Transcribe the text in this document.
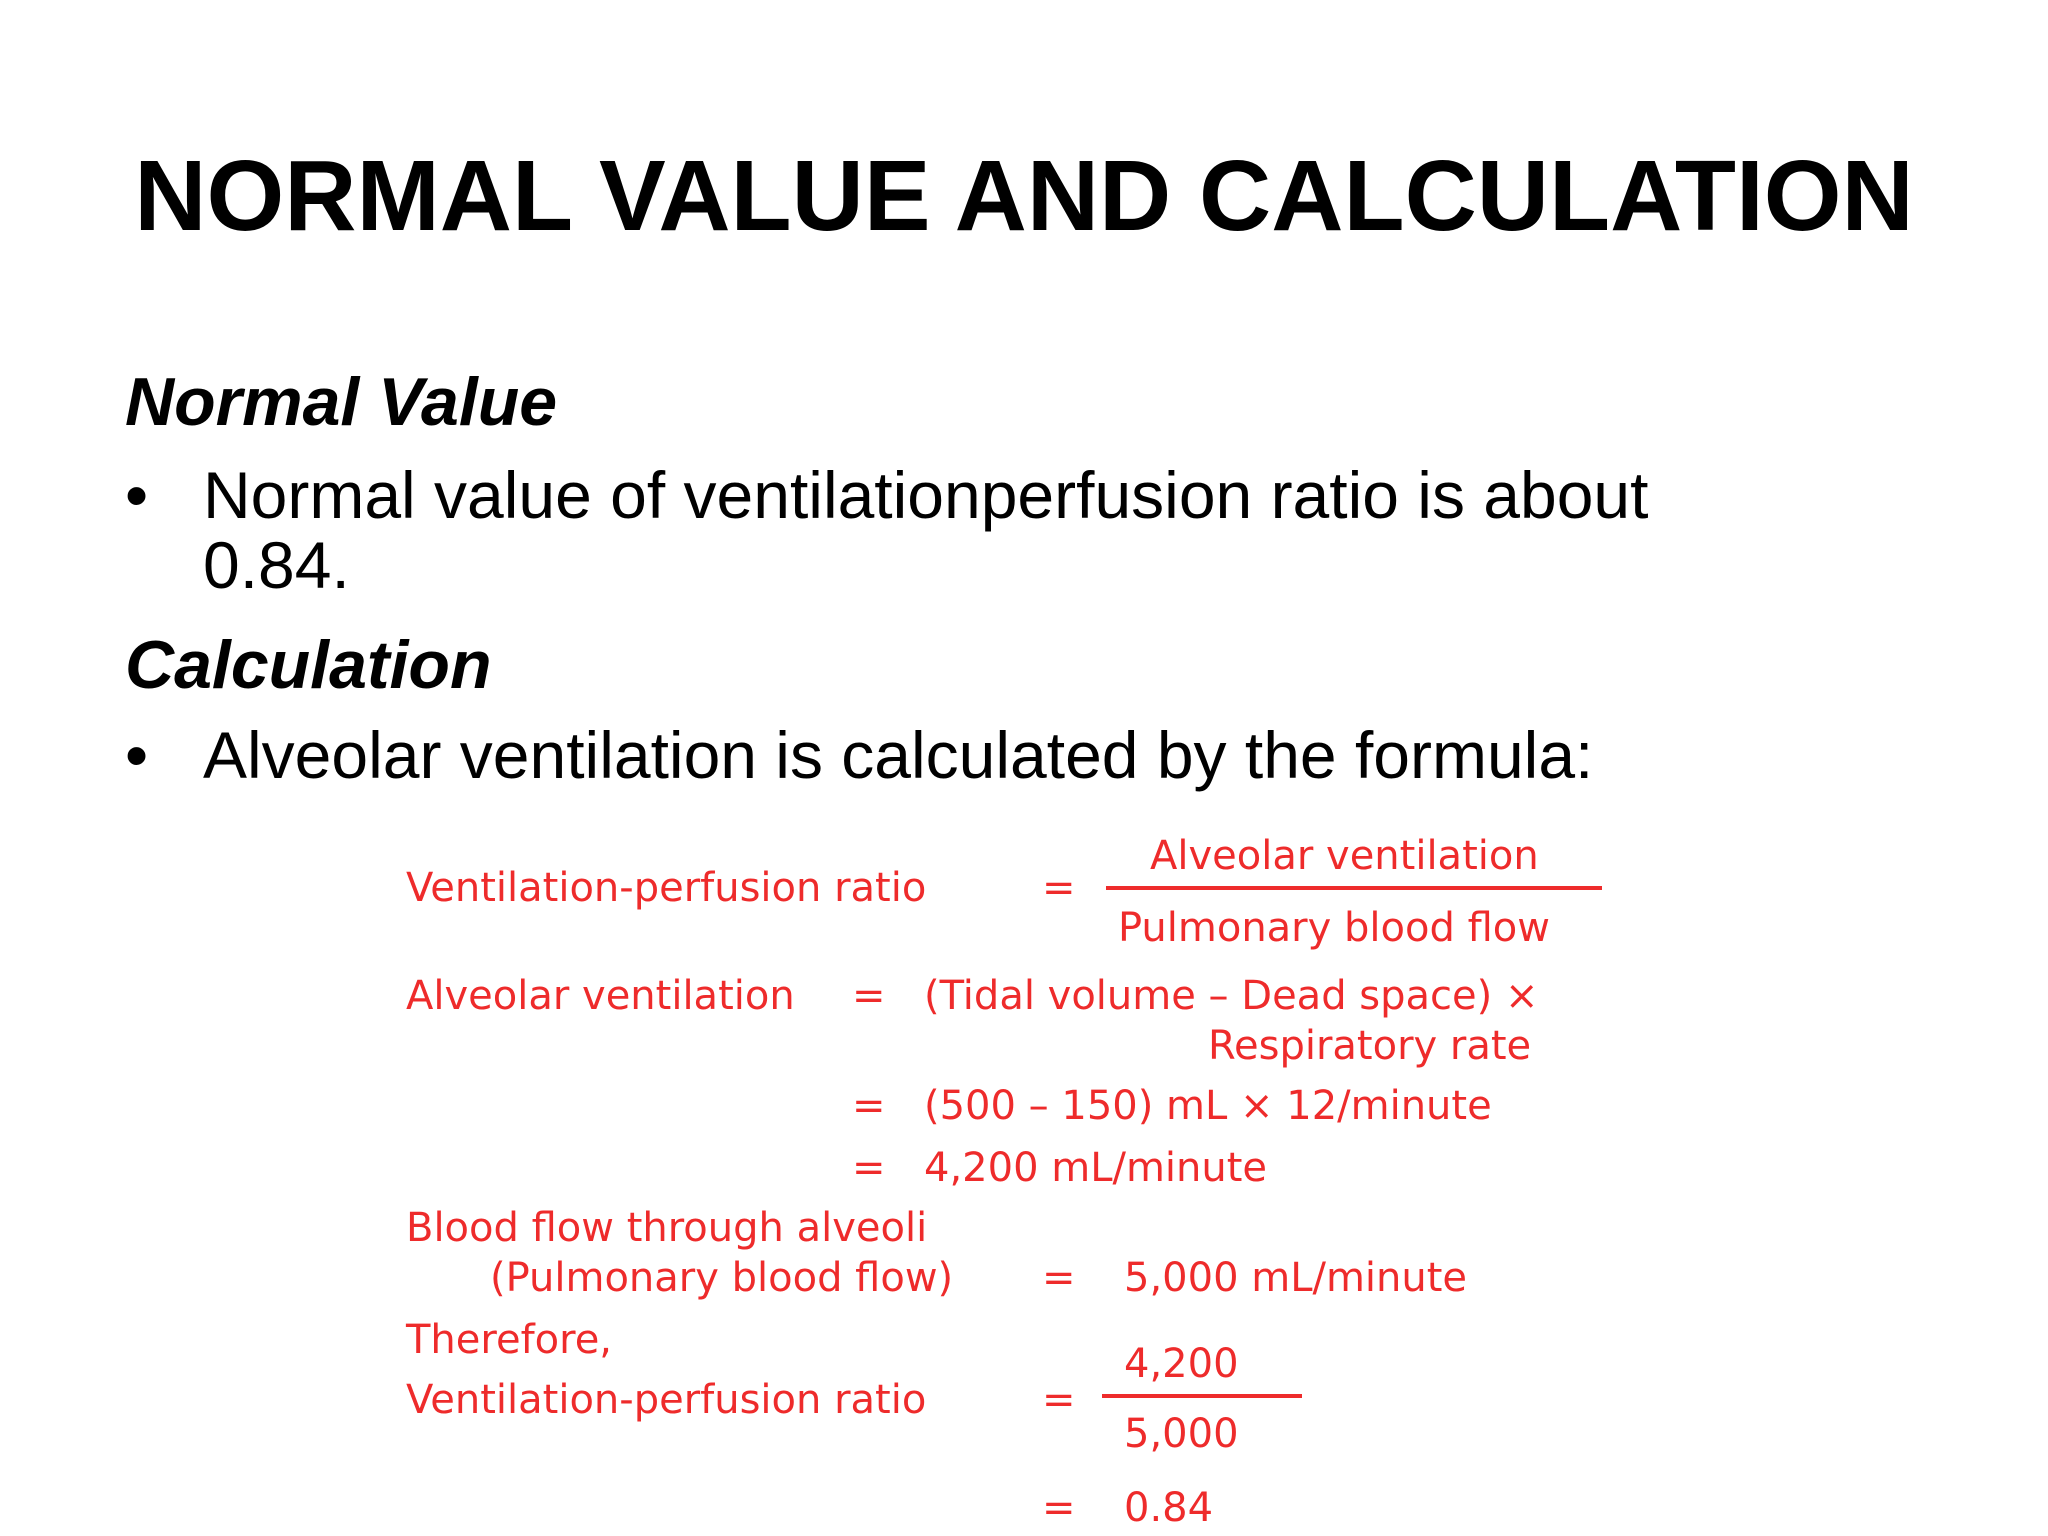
NORMAL VALUE AND CALCULATION
Normal Value
• Normal value of ventilationperfusion ratio is about
0.84.
Calculation
• Alveolar ventilation is calculated by the formula:
Ventilation-perfusion ratio	=
Alveolar ventilation
Pulmonary blood flow
Alveolar ventilation = (Tidal volume – Dead space) ×
Respiratory rate
= (500 – 150) mL × 12/minute
= 4,200 mL/minute
Blood flow through alveoli
(Pulmonary blood flow) = 5,000 mL/minute
Therefore,
Ventilation-perfusion ratio	=
4,200
5,000
= 0.84
